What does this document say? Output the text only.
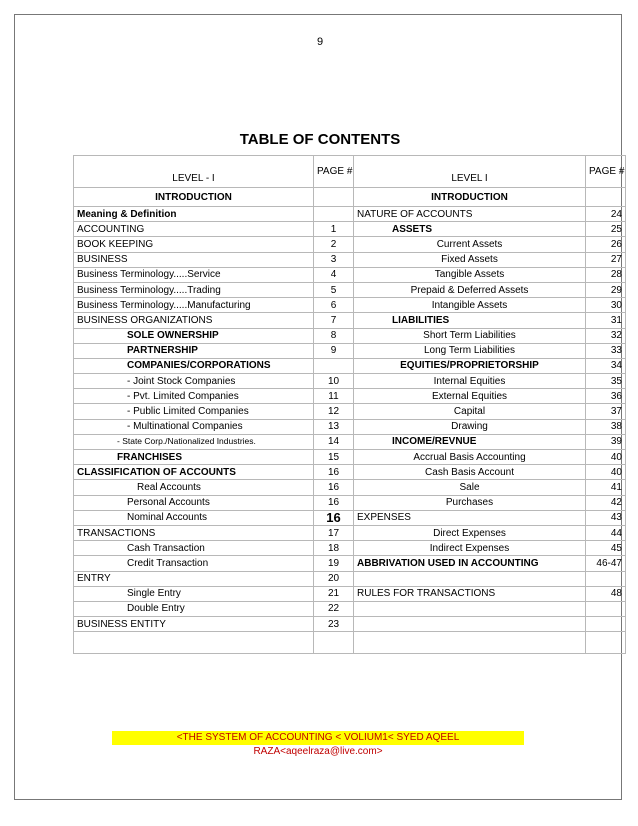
9
TABLE OF CONTENTS
LEVEL - I	PAGE #	LEVEL I	PAGE #
INTRODUCTION		INTRODUCTION	
Meaning & Definition		NATURE OF ACCOUNTS	24
ACCOUNTING	1	ASSETS	25
BOOK KEEPING	2	Current Assets	26
BUSINESS	3	Fixed Assets	27
Business Terminology.....Service	4	Tangible Assets	28
Business Terminology.....Trading	5	Prepaid & Deferred Assets	29
Business Terminology.....Manufacturing	6	Intangible Assets	30
BUSINESS ORGANIZATIONS	7	LIABILITIES	31
SOLE OWNERSHIP	8	Short Term Liabilities	32
PARTNERSHIP	9	Long Term Liabilities	33
COMPANIES/CORPORATIONS		EQUITIES/PROPRIETORSHIP	34
- Joint Stock Companies	10	Internal Equities	35
- Pvt. Limited Companies	11	External Equities	36
- Public Limited Companies	12	Capital	37
- Multinational Companies	13	Drawing	38
- State Corp./Nationalized Industries.	14	INCOME/REVNUE	39
FRANCHISES	15	Accrual Basis Accounting	40
CLASSIFICATION OF ACCOUNTS	16	Cash Basis Account	40
Real Accounts	16	Sale	41
Personal Accounts	16	Purchases	42
Nominal Accounts	16	EXPENSES	43
TRANSACTIONS	17	Direct Expenses	44
Cash Transaction	18	Indirect Expenses	45
Credit Transaction	19	ABBRIVATION USED IN ACCOUNTING	46-47
ENTRY	20		
Single Entry	21	RULES FOR TRANSACTIONS	48
Double Entry	22		
BUSINESS ENTITY	23		

<THE SYSTEM OF ACCOUNTING < VOLIUM1< SYED AQEEL RAZA<aqeelraza@live.com>
